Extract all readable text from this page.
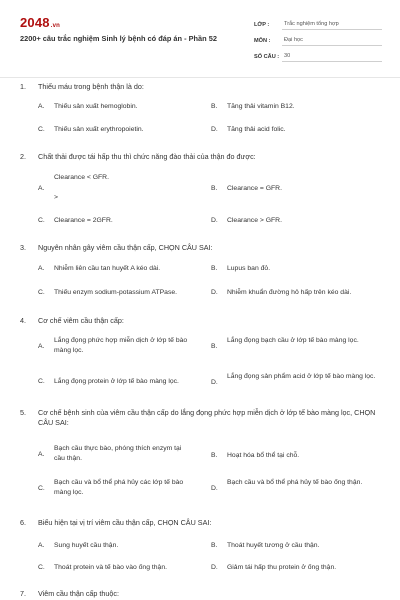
2048.vn
2200+ câu trắc nghiệm Sinh lý bệnh có đáp án - Phần 52
LỚP :	Trắc nghiệm tổng hợp
MÔN :	Đại học
SỐ CÂU : 30
1.	Thiếu máu trong bệnh thận là do:
A. Thiếu sản xuất hemoglobin.	B. Tăng thải vitamin B12.
C. Thiếu sản xuất erythropoietin.	D. Tăng thải acid folic.
2.	Chất thải được tái hấp thu thì chức năng đào thải của thận đo được:
A.
Clearance < GFR.
>
B. Clearance = GFR.
C. Clearance = 2GFR.	D. Clearance > GFR.
3.	Nguyên nhân gây viêm cầu thận cấp, CHỌN CÂU SAI:
A. Nhiễm liên cầu tan huyết A kéo dài.	B. Lupus ban đỏ.
C. Thiếu enzym sodium-potassium ATPase.	D. Nhiễm khuẩn đường hô hấp trên kéo dài.
4.	Cơ chế viêm cầu thận cấp:
A.
Lắng đọng phức hợp miễn dịch ở lớp tế bào màng lọc.
B.
Lắng đọng bạch cầu ở lớp tế bào màng lọc.
C. Lắng đọng protein ở lớp tế bào màng lọc.	D.
Lắng đọng sản phẩm acid ở lớp tế bào màng lọc.
5.	Cơ chế bệnh sinh của viêm cầu thận cấp do lắng đọng phức hợp miễn dịch ở lớp tế bào màng lọc, CHỌN CÂU SAI:
A.
Bạch cầu thực bào, phóng thích enzym tại cầu thận.	B. Hoạt hóa bổ thể tại chỗ.
C.
Bạch cầu và bổ thể phá hủy các lớp tế bào màng lọc.
D.
Bạch cầu và bổ thể phá hủy tế bào ống thận.
6.	Biểu hiện tại vị trí viêm cầu thận cấp, CHỌN CÂU SAI:
A. Sung huyết cầu thận.	B. Thoát huyết tương ở cầu thận.
C. Thoát protein và tế bào vào ống thận.	D. Giảm tái hấp thu protein ở ống thận.
7.	Viêm cầu thận cấp thuộc:
